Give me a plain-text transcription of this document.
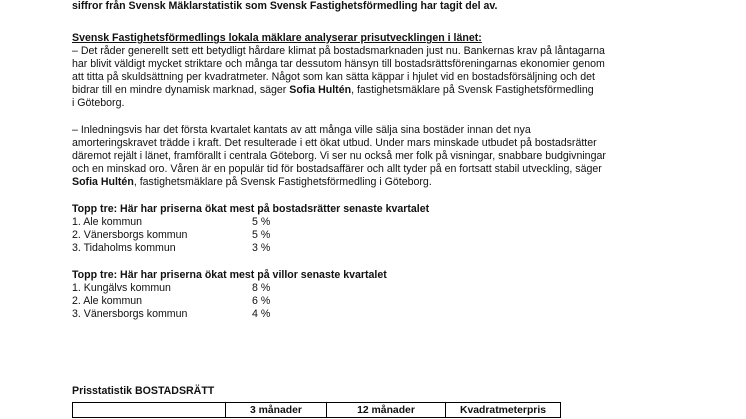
siffror från Svensk Mäklarstatistik som Svensk Fastighetsförmedling har tagit del av.
Svensk Fastighetsförmedlings lokala mäklare analyserar prisutvecklingen i länet:
– Det råder generellt sett ett betydligt hårdare klimat på bostadsmarknaden just nu. Bankernas krav på låntagarna
har blivit väldigt mycket striktare och många tar dessutom hänsyn till bostadsrättsföreningarnas ekonomier genom
att titta på skuldsättning per kvadratmeter. Något som kan sätta käppar i hjulet vid en bostadsförsäljning och det
bidrar till en mindre dynamisk marknad, säger Sofia Hultén, fastighetsmäklare på Svensk Fastighetsförmedling
i Göteborg.
– Inledningsvis har det första kvartalet kantats av att många ville sälja sina bostäder innan det nya
amorteringskravet trädde i kraft. Det resulterade i ett ökat utbud. Under mars minskade utbudet på bostadsrätter
däremot rejält i länet, framförallt i centrala Göteborg. Vi ser nu också mer folk på visningar, snabbare budgivningar
och en minskad oro. Våren är en populär tid för bostadsaffärer och allt tyder på en fortsatt stabil utveckling, säger
Sofia Hultén, fastighetsmäklare på Svensk Fastighetsförmedling i Göteborg.
Topp tre: Här har priserna ökat mest på bostadsrätter senaste kvartalet
1. Ale kommun	5 %
2. Vänersborgs kommun	5 %
3. Tidaholms kommun	3 %
Topp tre: Här har priserna ökat mest på villor senaste kvartalet
1. Kungälvs kommun	8 %
2. Ale kommun	6 %
3. Vänersborgs kommun	4 %
Prisstatistik BOSTADSRÄTT
	3 månader	12 månader	Kvadratmeterpris
